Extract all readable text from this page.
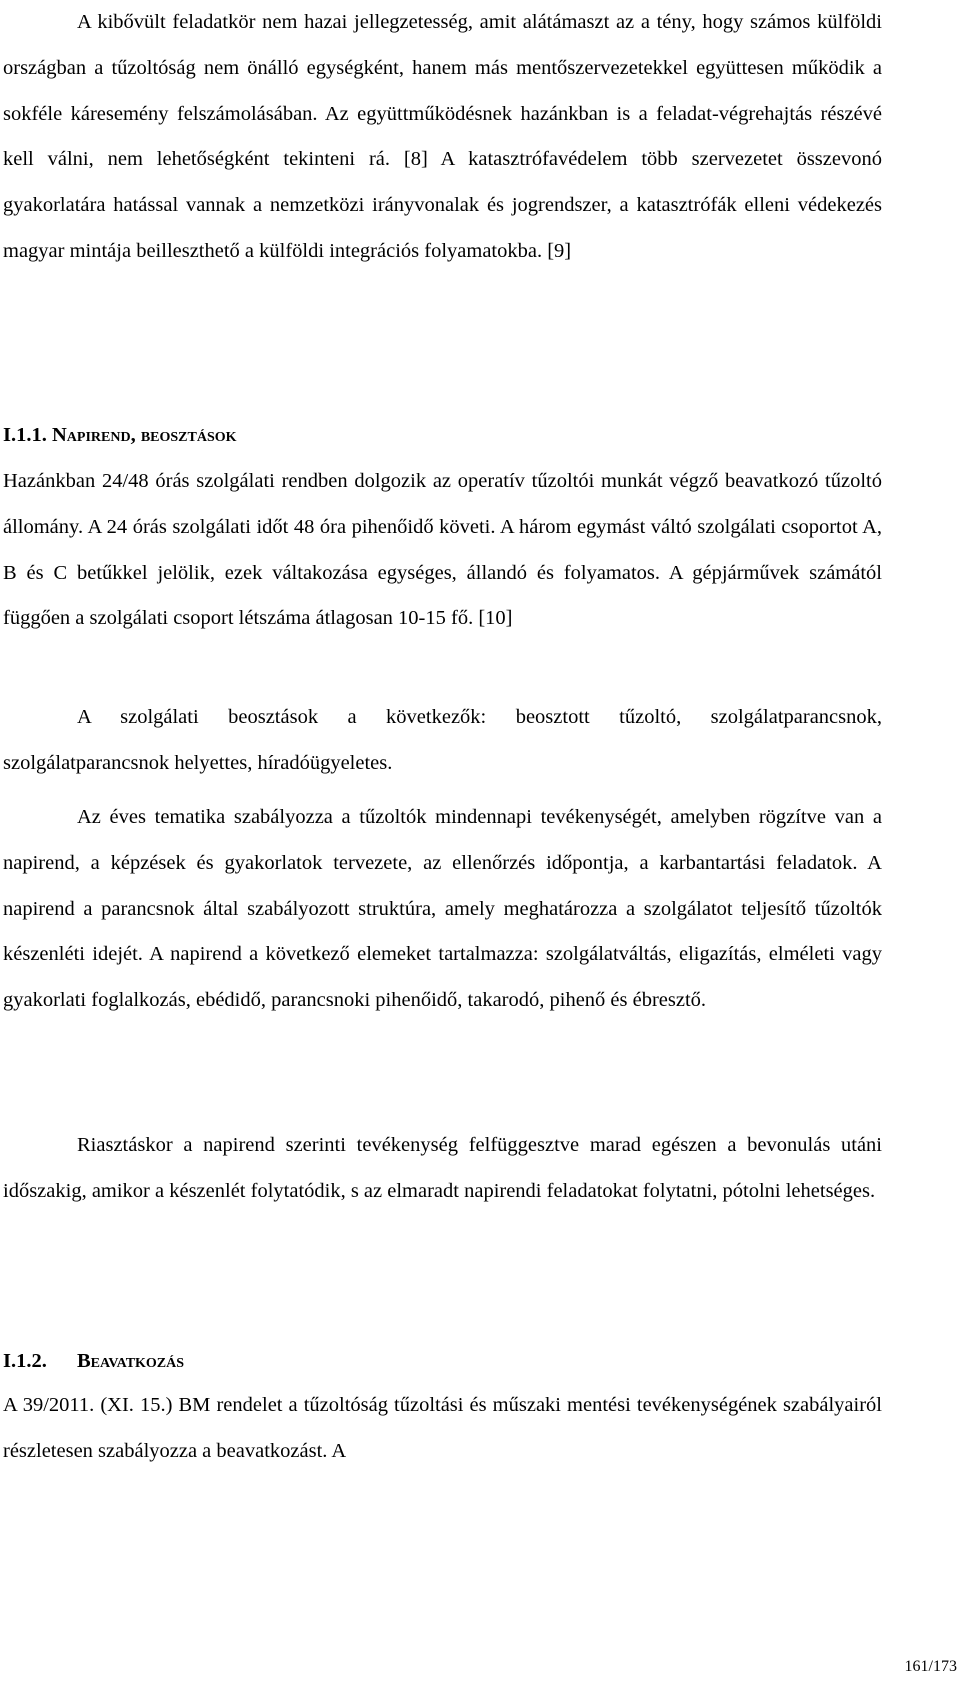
A kibővült feladatkör nem hazai jellegzetesség, amit alátámaszt az a tény, hogy számos külföldi országban a tűzoltóság nem önálló egységként, hanem más mentőszervezetekkel együttesen működik a sokféle káresemény felszámolásában. Az együttműködésnek hazánkban is a feladat-végrehajtás részévé kell válni, nem lehetőségként tekinteni rá. [8] A katasztrófavédelem több szervezetet összevonó gyakorlatára hatással vannak a nemzetközi irányvonalak és jogrendszer, a katasztrófák elleni védekezés magyar mintája beilleszthető a külföldi integrációs folyamatokba. [9]

I.1.1. Napirend, beosztások

Hazánkban 24/48 órás szolgálati rendben dolgozik az operatív tűzoltói munkát végző beavatkozó tűzoltó állomány. A 24 órás szolgálati időt 48 óra pihenőidő követi. A három egymást váltó szolgálati csoportot A, B és C betűkkel jelölik, ezek váltakozása egységes, állandó és folyamatos. A gépjárművek számától függően a szolgálati csoport létszáma átlagosan 10-15 fő. [10]

A szolgálati beosztások a következők: beosztott tűzoltó, szolgálatparancsnok, szolgálatparancsnok helyettes, híradóügyeletes.

Az éves tematika szabályozza a tűzoltók mindennapi tevékenységét, amelyben rögzítve van a napirend, a képzések és gyakorlatok tervezete, az ellenőrzés időpontja, a karbantartási feladatok. A napirend a parancsnok által szabályozott struktúra, amely meghatározza a szolgálatot teljesítő tűzoltók készenléti idejét. A napirend a következő elemeket tartalmazza: szolgálatváltás, eligazítás, elméleti vagy gyakorlati foglalkozás, ebédidő, parancsnoki pihenőidő, takarodó, pihenő és ébresztő.

Riasztáskor a napirend szerinti tevékenység felfüggesztve marad egészen a bevonulás utáni időszakig, amikor a készenlét folytatódik, s az elmaradt napirendi feladatokat folytatni, pótolni lehetséges.

I.1.2. Beavatkozás

A 39/2011. (XI. 15.) BM rendelet a tűzoltóság tűzoltási és műszaki mentési tevékenységének szabályairól részletesen szabályozza a beavatkozást. A

161/173
